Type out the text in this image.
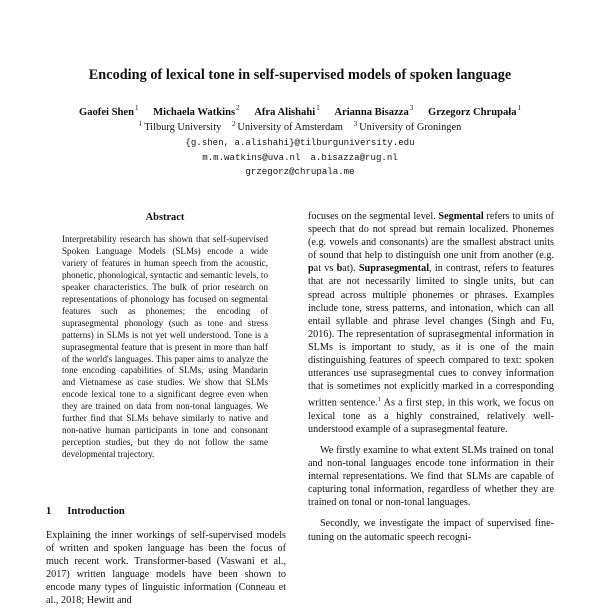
Encoding of lexical tone in self-supervised models of spoken language
Gaofei Shen$^1$ Michaela Watkins$^2$ Afra Alishahi$^1$ Arianna Bisazza$^3$ Grzegorz Chrupała$^1$
$^1$ Tilburg University $^2$ University of Amsterdam $^3$ University of Groningen
{g.shen, a.alishahi}@tilburguniversity.edu
m.m.watkins@uva.nl a.bisazza@rug.nl
grzegorz@chrupala.me
Abstract
Interpretability research has shown that self-supervised Spoken Language Models (SLMs) encode a wide variety of features in human speech from the acoustic, phonetic, phonological, syntactic and semantic levels, to speaker characteristics. The bulk of prior research on representations of phonology has focused on segmental features such as phonemes; the encoding of suprasegmental phonology (such as tone and stress patterns) in SLMs is not yet well understood. Tone is a suprasegmental feature that is present in more than half of the world's languages. This paper aims to analyze the tone encoding capabilities of SLMs, using Mandarin and Vietnamese as case studies. We show that SLMs encode lexical tone to a significant degree even when they are trained on data from non-tonal languages. We further find that SLMs behave similarly to native and non-native human participants in tone and consonant perception studies, but they do not follow the same developmental trajectory.
1 Introduction
Explaining the inner workings of self-supervised models of written and spoken language has been the focus of much recent work. Transformer-based (Vaswani et al., 2017) written language models have been shown to encode many types of linguistic information (Conneau et al., 2018; Hewitt and

focuses on the segmental level. Segmental refers to units of speech that do not spread but remain localized. Phonemes (e.g. vowels and consonants) are the smallest abstract units of sound that help to distinguish one unit from another (e.g. pat vs bat). Suprasegmental, in contrast, refers to features that are not necessarily limited to single units, but can spread across multiple phonemes or phrases. Examples include tone, stress patterns, and intonation, which can all entail syllable and phrase level changes (Singh and Fu, 2016). The representation of suprasegmental information in SLMs is important to study, as it is one of the main distinguishing features of speech compared to text: spoken utterances use suprasegmental cues to convey information that is sometimes not explicitly marked in a corresponding written sentence.$^1$ As a first step, in this work, we focus on lexical tone as a highly constrained, relatively well-understood example of a suprasegmental feature.

We firstly examine to what extent SLMs trained on tonal and non-tonal languages encode tone information in their internal representations. We find that SLMs are capable of capturing tonal information, regardless of whether they are trained on tonal or non-tonal languages.

Secondly, we investigate the impact of supervised fine-tuning on the automatic speech recogni-
